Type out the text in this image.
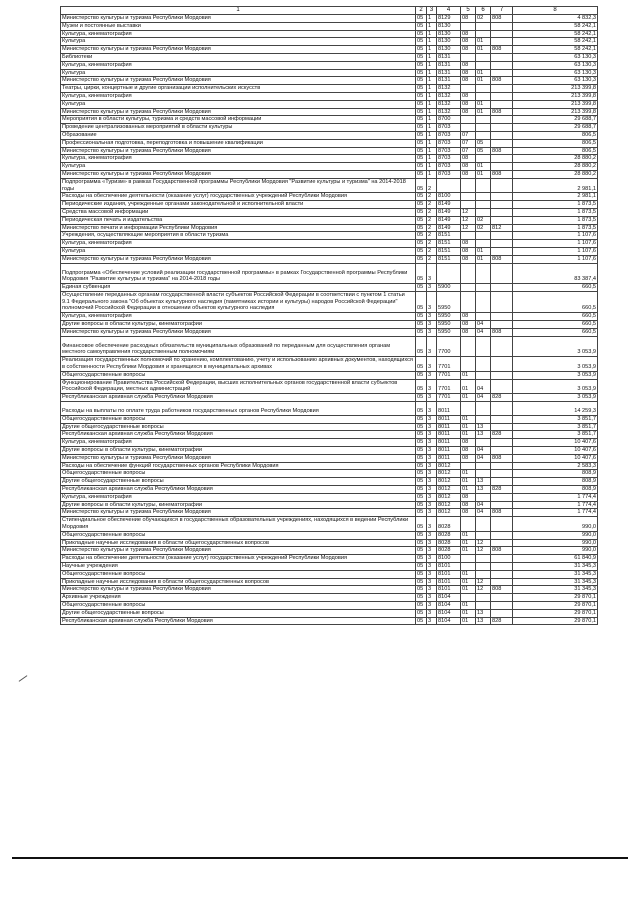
1	2	3	4	5	6	7	8
Министерство культуры и туризма Республики Мордовия	05	1	8129	08	02	808	4 832,3
Музеи и постоянные выставки	05	1	8130				58 242,1
Культура, кинематография	05	1	8130	08			58 242,1
Культура	05	1	8130	08	01		58 242,1
Министерство культуры и туризма Республики Мордовия	05	1	8130	08	01	808	58 242,1
Библиотеки	05	1	8131				63 130,3
Культура, кинематография	05	1	8131	08			63 130,3
Культура	05	1	8131	08	01		63 130,3
Министерство культуры и туризма Республики Мордовия	05	1	8131	08	01	808	63 130,3
Театры, цирки, концертные и другие организации исполнительских искусств	05	1	8132				213 399,8
Культура, кинематография	05	1	8132	08			213 399,8
Культура	05	1	8132	08	01		213 399,8
Министерство культуры и туризма Республики Мордовия	05	1	8132	08	01	808	213 399,8
Мероприятия в области культуры, туризма и средств массовой информации	05	1	8700				29 688,7
Проведение централизованных мероприятий в области культуры	05	1	8703				29 688,7
Образование	05	1	8703	07			806,5
Профессиональная подготовка, переподготовка и повышение квалификации	05	1	8703	07	05		806,5
Министерство культуры и туризма Республики Мордовия	05	1	8703	07	05	808	806,5
Культура, кинематография	05	1	8703	08			28 880,2
Культура	05	1	8703	08	01		28 880,2
Министерство культуры и туризма Республики Мордовия	05	1	8703	08	01	808	28 880,2
Подпрограмма «Туризм» в рамках Государственной программы Республики Мордовия "Развитие культуры и туризма" на 2014-2018 годы	05	2					2 981,1
Расходы на обеспечение деятельности (оказание услуг) государственных учреждений Республики Мордовия	05	2	8100				2 981,1
Периодические издания, учрежденные органами законодательной и исполнительной власти	05	2	8149				1 873,5
Средства массовой информации	05	2	8149	12			1 873,5
Периодическая печать и издательства	05	2	8149	12	02		1 873,5
Министерство печати и информации Республики Мордовия	05	2	8149	12	02	812	1 873,5
Учреждения, осуществляющие мероприятия в области туризма	05	2	8151				1 107,6
Культура, кинематография	05	2	8151	08			1 107,6
Культура	05	2	8151	08	01		1 107,6
Министерство культуры и туризма Республики Мордовия	05	2	8151	08	01	808	1 107,6
Подпрограмма «Обеспечение условий реализации государственной программы» в рамках Государственной программы Республики Мордовия "Развитие культуры и туризма" на 2014-2018 годы	05	3					83 387,4
Единая субвенция	05	3	5900				660,5
Осуществление переданных органам государственной власти субъектов Российской Федерации в соответствии с пунктом 1 статьи 9.1 Федерального закона "Об объектах культурного наследия (памятниках истории и культуры) народов Российской Федерации" полномочий Российской Федерации в отношении объектов культурного наследия	05	3	5950				660,5
Культура, кинематография	05	3	5950	08			660,5
Другие вопросы в области культуры, кинематографии	05	3	5950	08	04		660,5
Министерство культуры и туризма Республики Мордовия	05	3	5950	08	04	808	660,5
Финансовое обеспечение расходных обязательств муниципальных образований по переданным для осуществления органам местного самоуправления государственным полномочиям	05	3	7700				3 053,9
Реализация государственных полномочий по хранению, комплектованию, учету и использованию архивных документов, находящихся в собственности Республики Мордовия и хранящихся в муниципальных архивах	05	3	7701				3 053,9
Общегосударственные вопросы	05	3	7701	01			3 053,9
Функционирование Правительства Российской Федерации, высших исполнительных органов государственной власти субъектов Российской Федерации, местных администраций	05	3	7701	01	04		3 053,9
Республиканская архивная служба Республики Мордовия	05	3	7701	01	04	828	3 053,9
Расходы на выплаты по оплате труда работников государственных органов Республики Мордовия	05	3	8011				14 259,3
Общегосударственные вопросы	05	3	8011	01			3 851,7
Другие общегосударственные вопросы	05	3	8011	01	13		3 851,7
Республиканская архивная служба Республики Мордовия	05	3	8011	01	13	828	3 851,7
Культура, кинематография	05	3	8011	08			10 407,6
Другие вопросы в области культуры, кинематографии	05	3	8011	08	04		10 407,6
Министерство культуры и туризма Республики Мордовия	05	3	8011	08	04	808	10 407,6
Расходы на обеспечение функций государственных органов Республики Мордовия	05	3	8012				2 583,3
Общегосударственные вопросы	05	3	8012	01			808,9
Другие общегосударственные вопросы	05	3	8012	01	13		808,9
Республиканская архивная служба Республики Мордовия	05	3	8012	01	13	828	808,9
Культура, кинематография	05	3	8012	08			1 774,4
Другие вопросы в области культуры, кинематографии	05	3	8012	08	04		1 774,4
Министерство культуры и туризма Республики Мордовия	05	3	8012	08	04	808	1 774,4
Стипендиальное обеспечение обучающихся в государственных образовательных учреждениях, находящихся в ведении Республики Мордовия	05	3	8028				990,0
Общегосударственные вопросы	05	3	8028	01			990,0
Прикладные научные исследования в области общегосударственных вопросов	05	3	8028	01	12		990,0
Министерство культуры и туризма Республики Мордовия	05	3	8028	01	12	808	990,0
Расходы на обеспечение деятельности (оказание услуг) государственных учреждений Республики Мордовия	05	3	8100				61 840,9
Научные учреждения	05	3	8101				31 345,3
Общегосударственные вопросы	05	3	8101	01			31 345,3
Прикладные научные исследования в области общегосударственных вопросов	05	3	8101	01	12		31 345,3
Министерство культуры и туризма Республики Мордовия	05	3	8101	01	12	808	31 345,3
Архивные учреждения	05	3	8104				29 870,1
Общегосударственные вопросы	05	3	8104	01			29 870,1
Другие общегосударственные вопросы	05	3	8104	01	13		29 870,1
Республиканская архивная служба Республики Мордовия	05	3	8104	01	13	828	29 870,1
